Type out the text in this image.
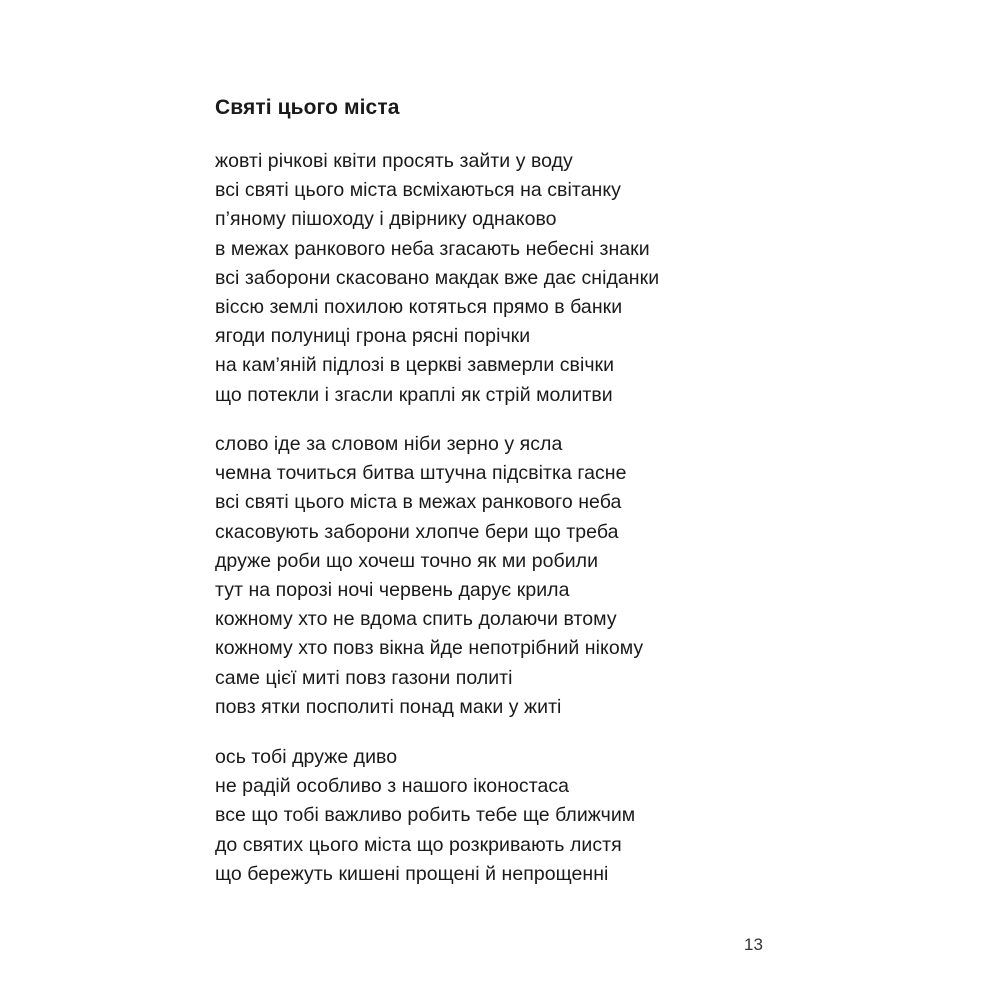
Святі цього міста
жовті річкові квіти просять зайти у воду
всі святі цього міста всміхаються на світанку
п’яному пішоходу і двірнику однаково
в межах ранкового неба згасають небесні знаки
всі заборони скасовано макдак вже дає сніданки
віссю землі похилою котяться прямо в банки
ягоди полуниці грона рясні порічки
на кам’яній підлозі в церкві завмерли свічки
що потекли і згасли краплі як стрій молитви
слово іде за словом ніби зерно у ясла
чемна точиться битва штучна підсвітка гасне
всі святі цього міста в межах ранкового неба
скасовують заборони хлопче бери що треба
друже роби що хочеш точно як ми робили
тут на порозі ночі червень дарує крила
кожному хто не вдома спить долаючи втому
кожному хто повз вікна йде непотрібний нікому
саме цієї миті повз газони политі
повз ятки посполиті понад маки у житі
ось тобі друже диво
не радій особливо з нашого іконостаса
все що тобі важливо робить тебе ще ближчим
до святих цього міста що розкривають листя
що бережуть кишені прощені й непрощенні
13
